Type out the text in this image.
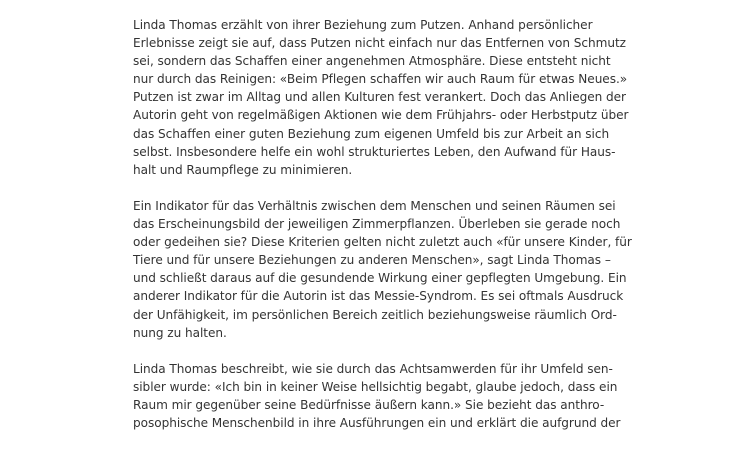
Linda Thomas erzählt von ihrer Beziehung zum Putzen. Anhand persönlicher
Erlebnisse zeigt sie auf, dass Putzen nicht einfach nur das Entfernen von Schmutz
sei, sondern das Schaffen einer angenehmen Atmosphäre. Diese entsteht nicht
nur durch das Reinigen: «Beim Pflegen schaffen wir auch Raum für etwas Neues.»
Putzen ist zwar im Alltag und allen Kulturen fest verankert. Doch das Anliegen der
Autorin geht von regelmäßigen Aktionen wie dem Frühjahrs- oder Herbstputz über
das Schaffen einer guten Beziehung zum eigenen Umfeld bis zur Arbeit an sich
selbst. Insbesondere helfe ein wohl strukturiertes Leben, den Aufwand für Haus-
halt und Raumpflege zu minimieren.

Ein Indikator für das Verhältnis zwischen dem Menschen und seinen Räumen sei
das Erscheinungsbild der jeweiligen Zimmerpflanzen. Überleben sie gerade noch
oder gedeihen sie? Diese Kriterien gelten nicht zuletzt auch «für unsere Kinder, für
Tiere und für unsere Beziehungen zu anderen Menschen», sagt Linda Thomas –
und schließt daraus auf die gesundende Wirkung einer gepflegten Umgebung. Ein
anderer Indikator für die Autorin ist das Messie-Syndrom. Es sei oftmals Ausdruck
der Unfähigkeit, im persönlichen Bereich zeitlich beziehungsweise räumlich Ord-
nung zu halten.

Linda Thomas beschreibt, wie sie durch das Achtsamwerden für ihr Umfeld sen-
sibler wurde: «Ich bin in keiner Weise hellsichtig begabt, glaube jedoch, dass ein
Raum mir gegenüber seine Bedürfnisse äußern kann.» Sie bezieht das anthro-
posophische Menschenbild in ihre Ausführungen ein und erklärt die aufgrund der
